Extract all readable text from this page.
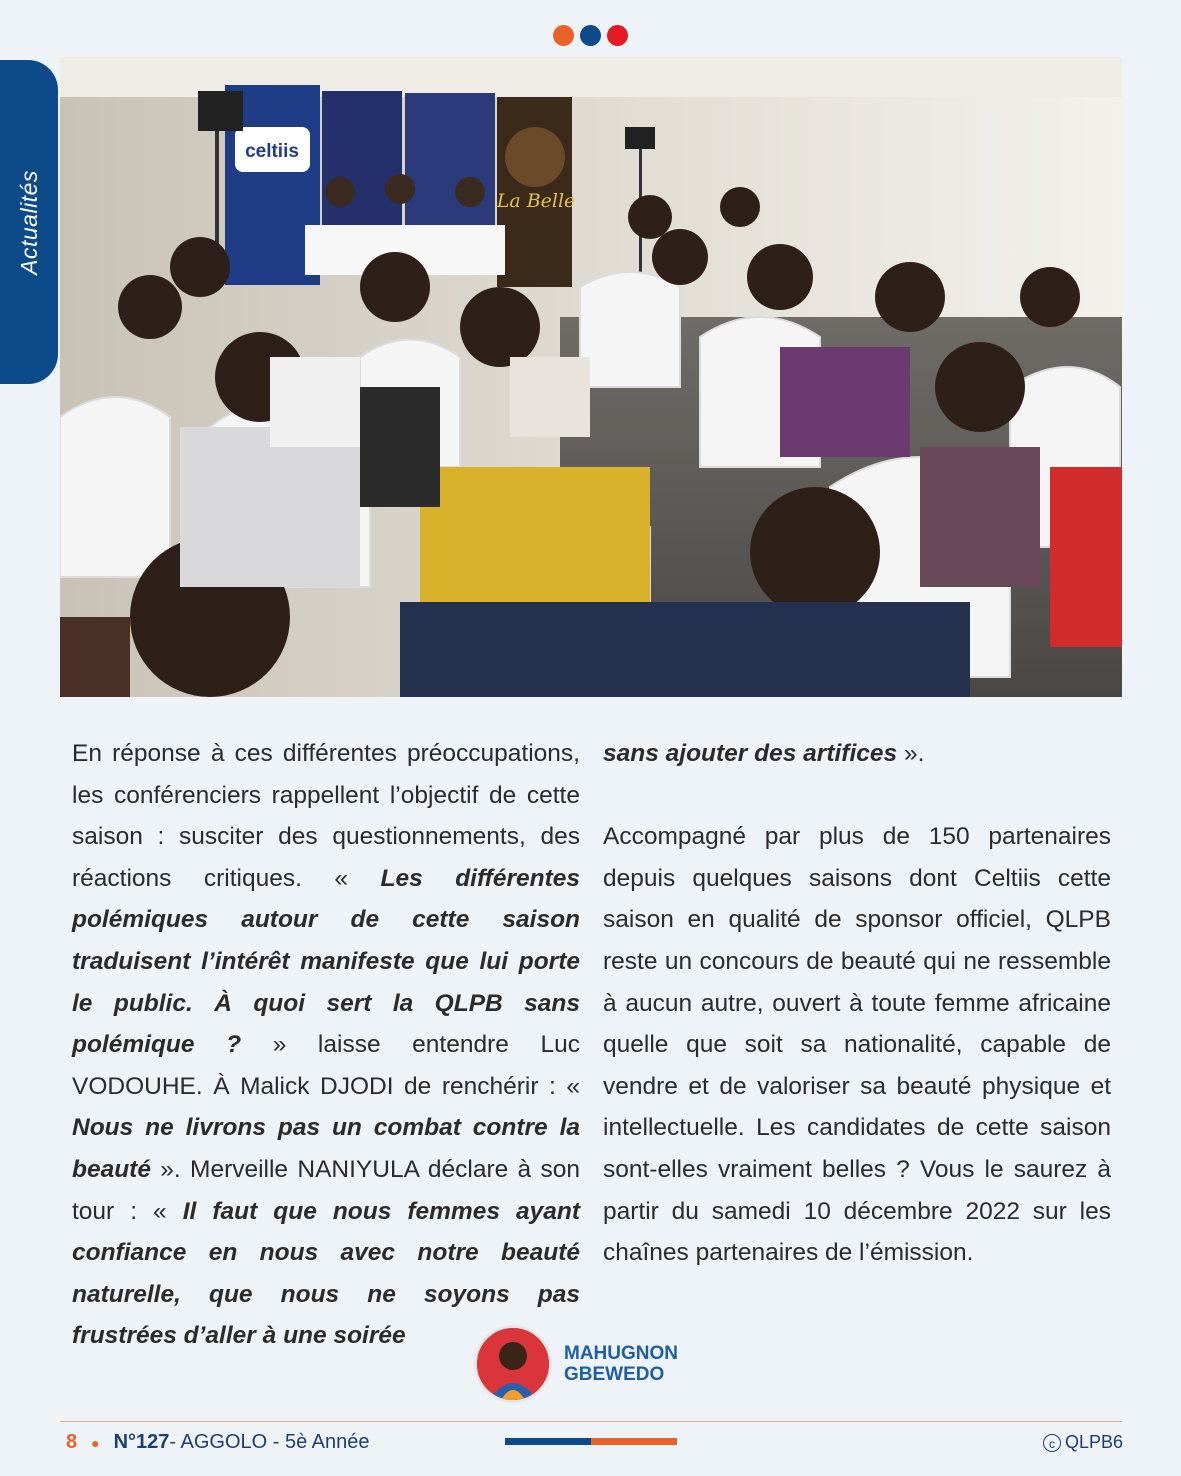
Actualités
celtiis
La Belle

En réponse à ces différentes préoccupations, les conférenciers rappellent l’objectif de cette saison : susciter des questionnements, des réactions critiques. « Les différentes polémiques autour de cette saison traduisent l’intérêt manifeste que lui porte le public. À quoi sert la QLPB sans polémique ? » laisse entendre Luc VODOUHE. À Malick DJODI de renchérir : « Nous ne livrons pas un combat contre la beauté ». Merveille NANIYULA déclare à son tour : « Il faut que nous femmes ayant confiance en nous avec notre beauté naturelle, que nous ne soyons pas frustrées d’aller à une soirée

sans ajouter des artifices ».

Accompagné par plus de 150 partenaires depuis quelques saisons dont Celtiis cette saison en qualité de sponsor officiel, QLPB reste un concours de beauté qui ne ressemble à aucun autre, ouvert à toute femme africaine quelle que soit sa nationalité, capable de vendre et de valoriser sa beauté physique et intellectuelle. Les candidates de cette saison sont-elles vraiment belles ? Vous le saurez à partir du samedi 10 décembre 2022 sur les chaînes partenaires de l’émission.

MAHUGNON
GBEWEDO
8 ● N°127 - AGGOLO - 5è Année	c QLPB6
